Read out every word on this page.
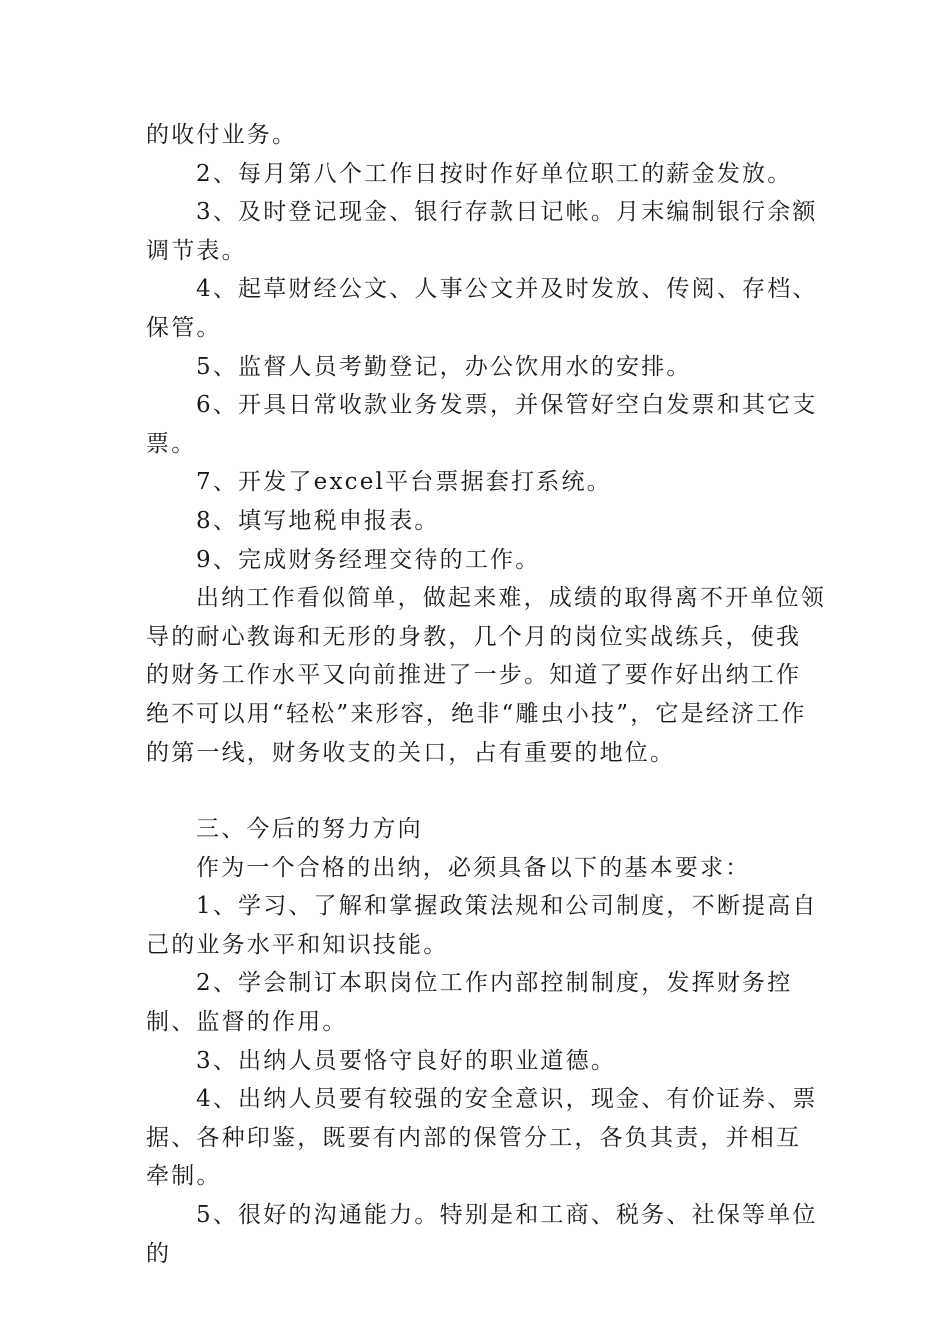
的收付业务。

2、每月第八个工作日按时作好单位职工的薪金发放。

3、及时登记现金、银行存款日记帐。月末编制银行余额调节表。

4、起草财经公文、人事公文并及时发放、传阅、存档、保管。

5、监督人员考勤登记，办公饮用水的安排。

6、开具日常收款业务发票，并保管好空白发票和其它支票。

7、开发了excel平台票据套打系统。

8、填写地税申报表。

9、完成财务经理交待的工作。

出纳工作看似简单，做起来难，成绩的取得离不开单位领导的耐心教诲和无形的身教，几个月的岗位实战练兵，使我的财务工作水平又向前推进了一步。知道了要作好出纳工作绝不可以用“轻松”来形容，绝非“雕虫小技”，它是经济工作的第一线，财务收支的关口，占有重要的地位。

三、今后的努力方向

作为一个合格的出纳，必须具备以下的基本要求：

1、学习、了解和掌握政策法规和公司制度，不断提高自己的业务水平和知识技能。

2、学会制订本职岗位工作内部控制制度，发挥财务控制、监督的作用。

3、出纳人员要恪守良好的职业道德。

4、出纳人员要有较强的安全意识，现金、有价证券、票据、各种印鉴，既要有内部的保管分工，各负其责，并相互牵制。

5、很好的沟通能力。特别是和工商、税务、社保等单位的
